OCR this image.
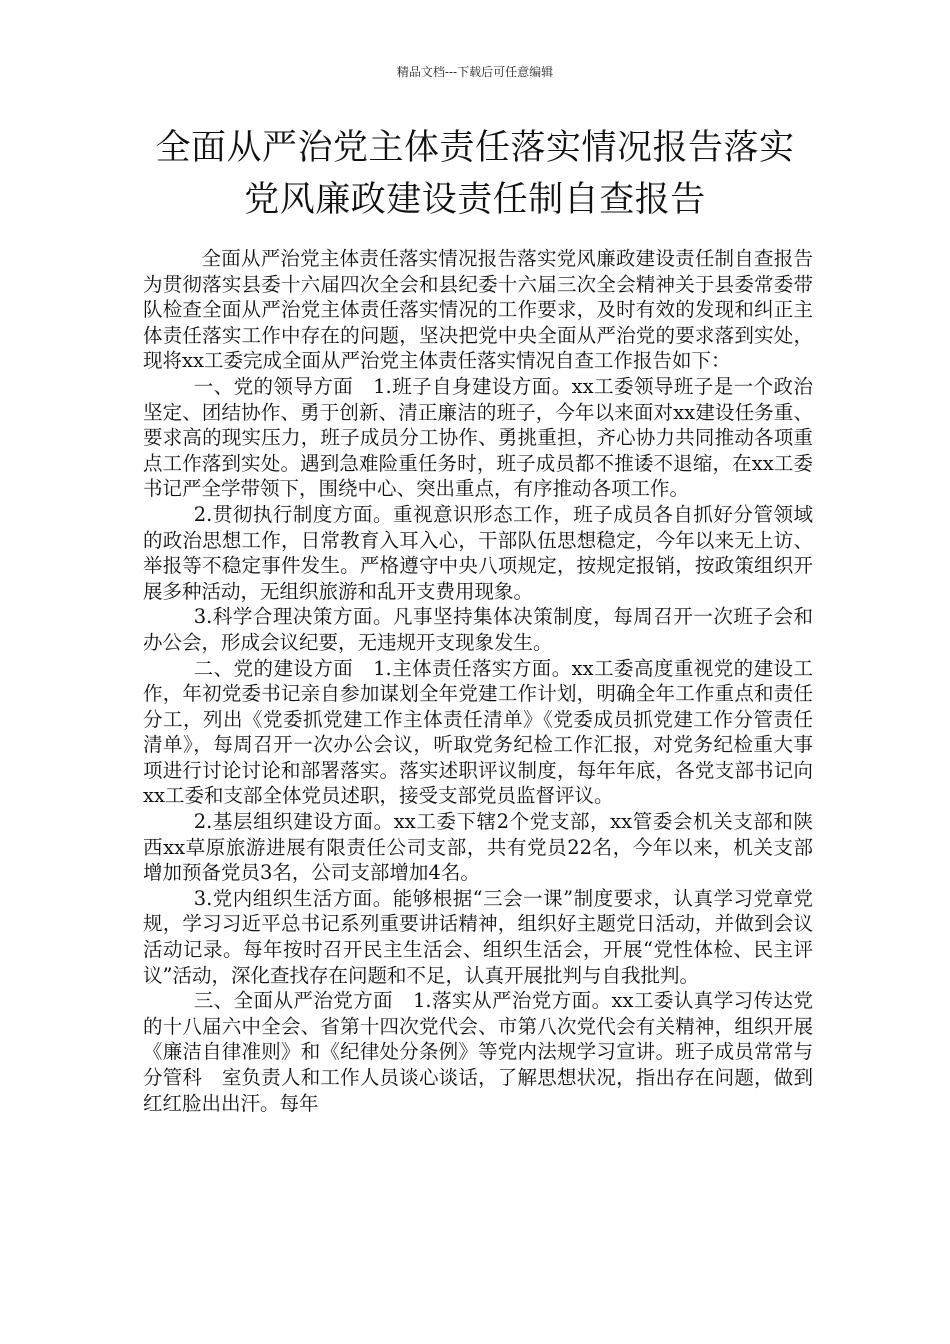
精品文档---下载后可任意编辑
全面从严治党主体责任落实情况报告落实
党风廉政建设责任制自查报告

全面从严治党主体责任落实情况报告落实党风廉政建设责任制自查报告　　为贯彻落实县委十六届四次全会和县纪委十六届三次全会精神关于县委常委带队检查全面从严治党主体责任落实情况的工作要求，及时有效的发现和纠正主体责任落实工作中存在的问题，坚决把党中央全面从严治党的要求落到实处，现将xx工委完成全面从严治党主体责任落实情况自查工作报告如下：

一、党的领导方面　1.班子自身建设方面。xx工委领导班子是一个政治坚定、团结协作、勇于创新、清正廉洁的班子，今年以来面对xx建设任务重、要求高的现实压力，班子成员分工协作、勇挑重担，齐心协力共同推动各项重点工作落到实处。遇到急难险重任务时，班子成员都不推诿不退缩，在xx工委书记严全学带领下，围绕中心、突出重点，有序推动各项工作。

2.贯彻执行制度方面。重视意识形态工作，班子成员各自抓好分管领域的政治思想工作，日常教育入耳入心，干部队伍思想稳定，今年以来无上访、举报等不稳定事件发生。严格遵守中央八项规定，按规定报销，按政策组织开展多种活动，无组织旅游和乱开支费用现象。

3.科学合理决策方面。凡事坚持集体决策制度，每周召开一次班子会和办公会，形成会议纪要，无违规开支现象发生。

二、党的建设方面　1.主体责任落实方面。xx工委高度重视党的建设工作，年初党委书记亲自参加谋划全年党建工作计划，明确全年工作重点和责任分工，列出《党委抓党建工作主体责任清单》《党委成员抓党建工作分管责任清单》，每周召开一次办公会议，听取党务纪检工作汇报，对党务纪检重大事项进行讨论讨论和部署落实。落实述职评议制度，每年年底，各党支部书记向xx工委和支部全体党员述职，接受支部党员监督评议。

2.基层组织建设方面。xx工委下辖2个党支部，xx管委会机关支部和陕西xx草原旅游进展有限责任公司支部，共有党员22名，今年以来，机关支部增加预备党员3名，公司支部增加4名。

3.党内组织生活方面。能够根据“三会一课”制度要求，认真学习党章党规，学习习近平总书记系列重要讲话精神，组织好主题党日活动，并做到会议活动记录。每年按时召开民主生活会、组织生活会，开展“党性体检、民主评议”活动，深化查找存在问题和不足，认真开展批判与自我批判。

三、全面从严治党方面　1.落实从严治党方面。xx工委认真学习传达党的十八届六中全会、省第十四次党代会、市第八次党代会有关精神，组织开展《廉洁自律准则》和《纪律处分条例》等党内法规学习宣讲。班子成员常常与分管科　室负责人和工作人员谈心谈话，了解思想状况，指出存在问题，做到红红脸出出汗。每年
